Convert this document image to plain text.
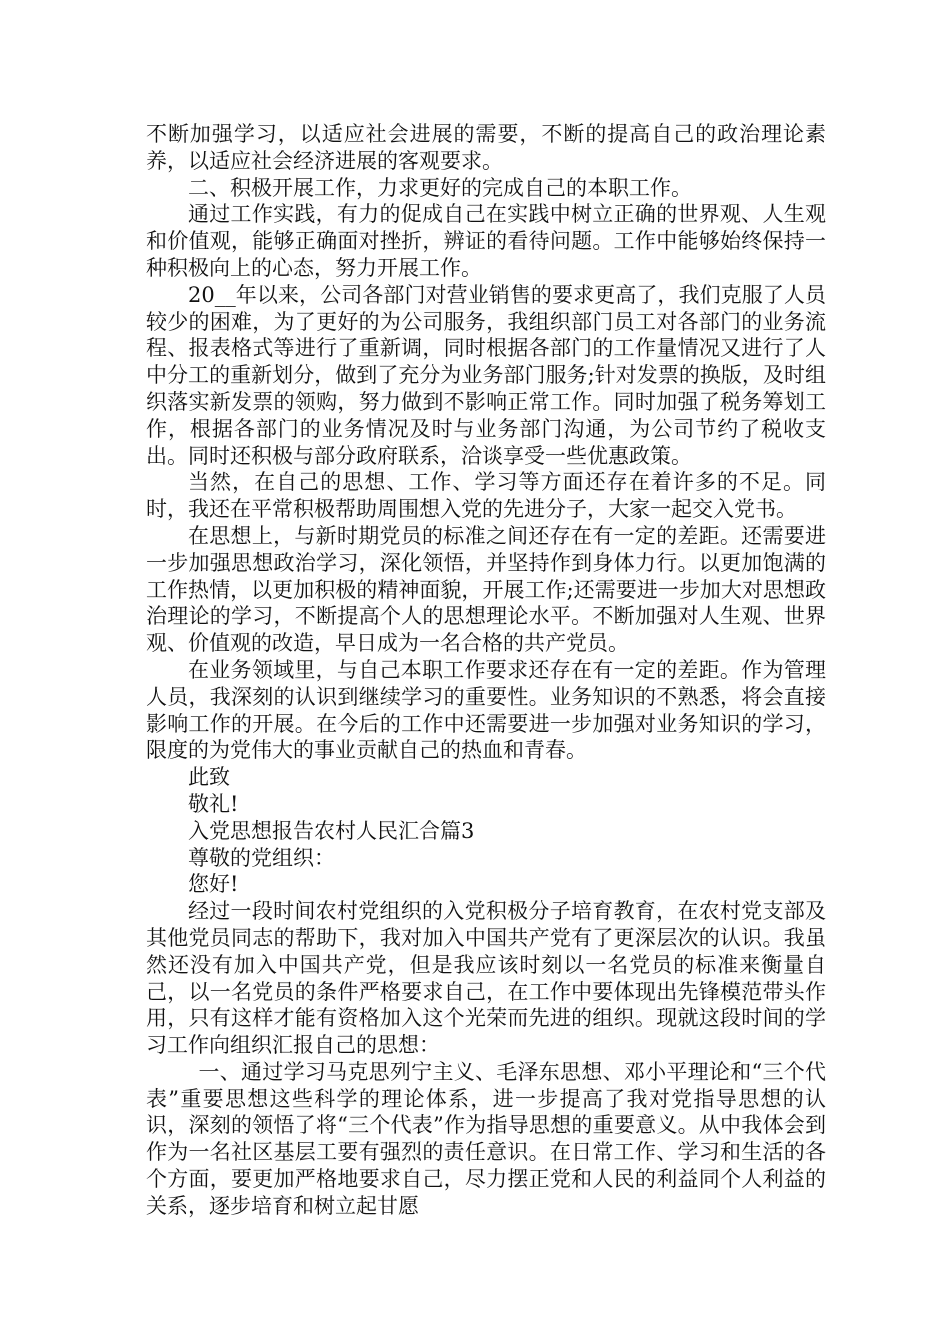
不断加强学习，以适应社会进展的需要，不断的提高自己的政治理论素养，以适应社会经济进展的客观要求。

二、积极开展工作，力求更好的完成自己的本职工作。

通过工作实践，有力的促成自己在实践中树立正确的世界观、人生观和价值观，能够正确面对挫折，辨证的看待问题。工作中能够始终保持一种积极向上的心态，努力开展工作。

20__年以来，公司各部门对营业销售的要求更高了，我们克服了人员较少的困难，为了更好的为公司服务，我组织部门员工对各部门的业务流程、报表格式等进行了重新调，同时根据各部门的工作量情况又进行了人中分工的重新划分，做到了充分为业务部门服务;针对发票的换版，及时组织落实新发票的领购，努力做到不影响正常工作。同时加强了税务筹划工作，根据各部门的业务情况及时与业务部门沟通，为公司节约了税收支出。同时还积极与部分政府联系，洽谈享受一些优惠政策。

当然，在自己的思想、工作、学习等方面还存在着许多的不足。同时，我还在平常积极帮助周围想入党的先进分子，大家一起交入党书。

在思想上，与新时期党员的标准之间还存在有一定的差距。还需要进一步加强思想政治学习，深化领悟，并坚持作到身体力行。以更加饱满的工作热情，以更加积极的精神面貌，开展工作;还需要进一步加大对思想政治理论的学习，不断提高个人的思想理论水平。不断加强对人生观、世界观、价值观的改造，早日成为一名合格的共产党员。

在业务领域里，与自己本职工作要求还存在有一定的差距。作为管理人员，我深刻的认识到继续学习的重要性。业务知识的不熟悉，将会直接影响工作的开展。在今后的工作中还需要进一步加强对业务知识的学习，限度的为党伟大的事业贡献自己的热血和青春。

此致

敬礼!

入党思想报告农村人民汇合篇3

尊敬的党组织：

您好!

经过一段时间农村党组织的入党积极分子培育教育，在农村党支部及其他党员同志的帮助下，我对加入中国共产党有了更深层次的认识。我虽然还没有加入中国共产党，但是我应该时刻以一名党员的标准来衡量自己，以一名党员的条件严格要求自己，在工作中要体现出先锋模范带头作用，只有这样才能有资格加入这个光荣而先进的组织。现就这段时间的学习工作向组织汇报自己的思想：

一、通过学习马克思列宁主义、毛泽东思想、邓小平理论和“三个代表”重要思想这些科学的理论体系，进一步提高了我对党指导思想的认识，深刻的领悟了将“三个代表”作为指导思想的重要意义。从中我体会到作为一名社区基层工要有强烈的责任意识。在日常工作、学习和生活的各个方面，要更加严格地要求自己，尽力摆正党和人民的利益同个人利益的关系，逐步培育和树立起甘愿
